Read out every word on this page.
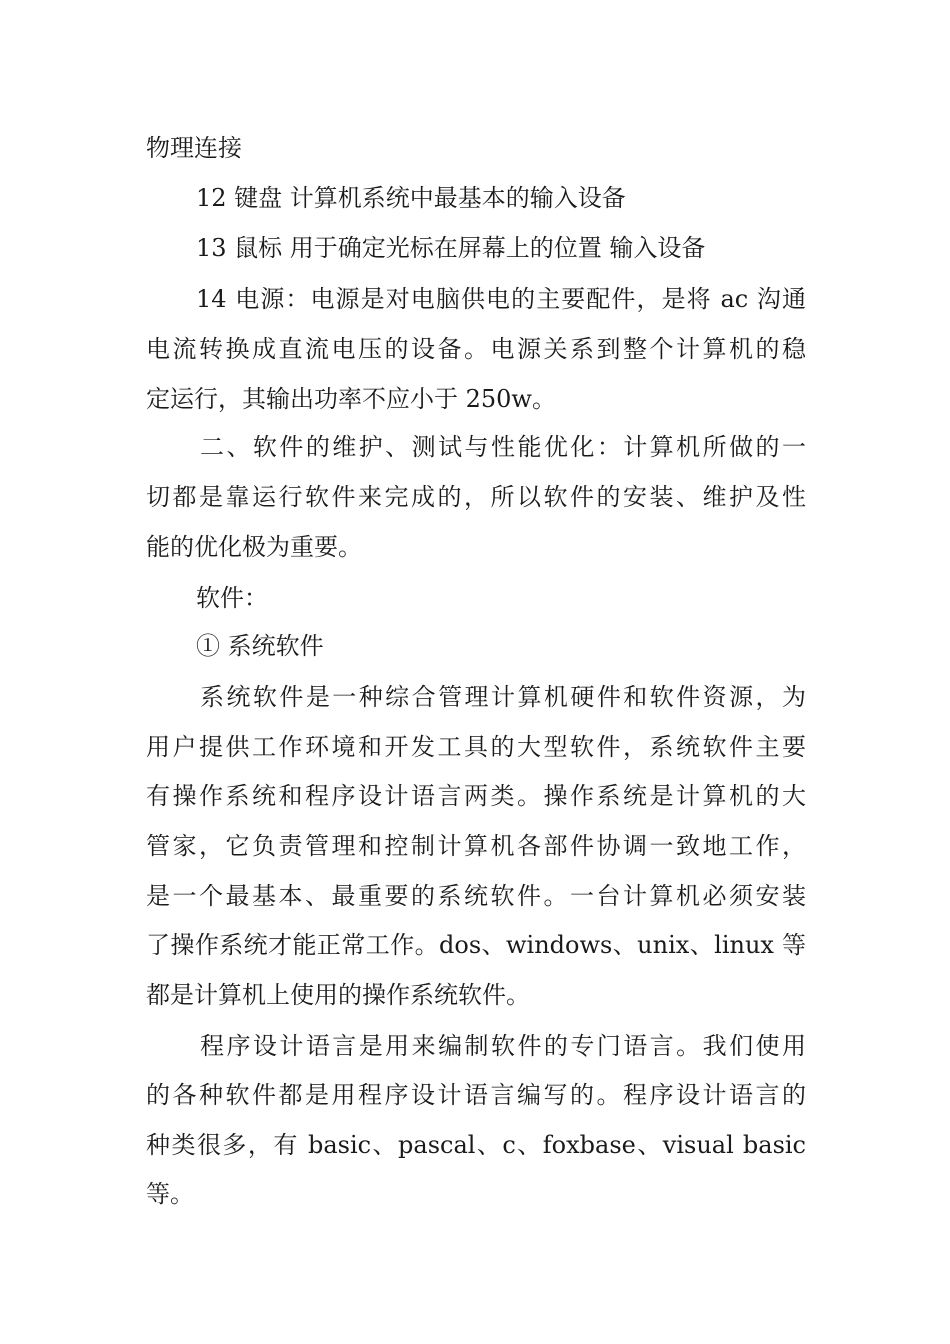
物理连接
12 键盘 计算机系统中最基本的输入设备
13 鼠标 用于确定光标在屏幕上的位置 输入设备
14 电源：电源是对电脑供电的主要配件，是将 ac 沟通
电流转换成直流电压的设备。电源关系到整个计算机的稳
定运行，其输出功率不应小于 250w。
二、软件的维护、测试与性能优化：计算机所做的一
切都是靠运行软件来完成的，所以软件的安装、维护及性
能的优化极为重要。
软件：
① 系统软件
系统软件是一种综合管理计算机硬件和软件资源，为
用户提供工作环境和开发工具的大型软件，系统软件主要
有操作系统和程序设计语言两类。操作系统是计算机的大
管家，它负责管理和控制计算机各部件协调一致地工作，
是一个最基本、最重要的系统软件。一台计算机必须安装
了操作系统才能正常工作。dos、windows、unix、linux 等
都是计算机上使用的操作系统软件。
程序设计语言是用来编制软件的专门语言。我们使用
的各种软件都是用程序设计语言编写的。程序设计语言的
种类很多，有 basic、pascal、c、foxbase、visual basic
等。
